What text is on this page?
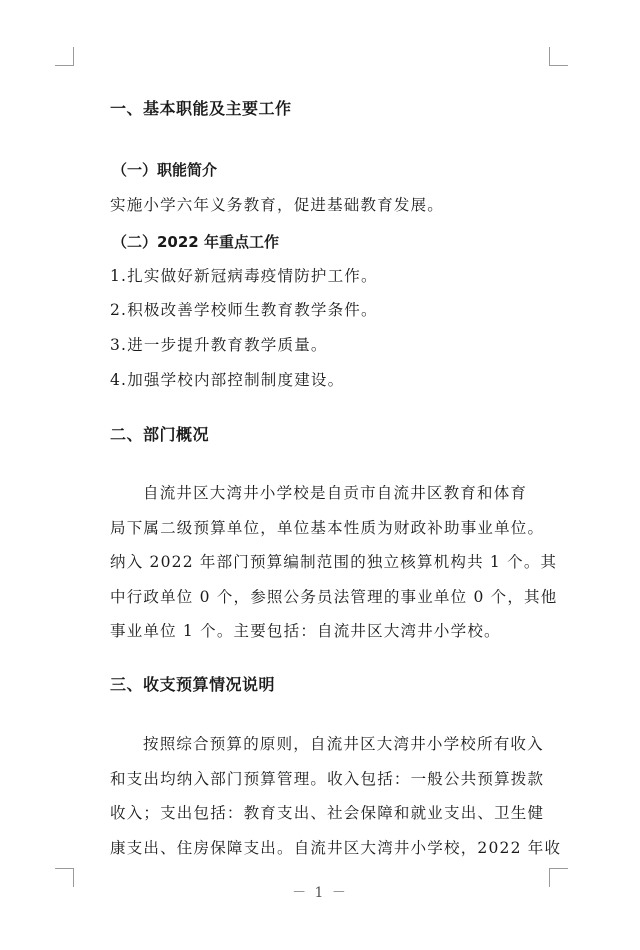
一、基本职能及主要工作
（一）职能简介
实施小学六年义务教育，促进基础教育发展。
（二）2022 年重点工作
1.扎实做好新冠病毒疫情防护工作。
2.积极改善学校师生教育教学条件。
3.进一步提升教育教学质量。
4.加强学校内部控制制度建设。
二、部门概况
自流井区大湾井小学校是自贡市自流井区教育和体育
局下属二级预算单位，单位基本性质为财政补助事业单位。
纳入 2022 年部门预算编制范围的独立核算机构共 1 个。其
中行政单位 0 个，参照公务员法管理的事业单位 0 个，其他
事业单位 1 个。主要包括：自流井区大湾井小学校。
三、收支预算情况说明
按照综合预算的原则，自流井区大湾井小学校所有收入
和支出均纳入部门预算管理。收入包括：一般公共预算拨款
收入；支出包括：教育支出、社会保障和就业支出、卫生健
康支出、住房保障支出。自流井区大湾井小学校，2022 年收
－ 1 －
